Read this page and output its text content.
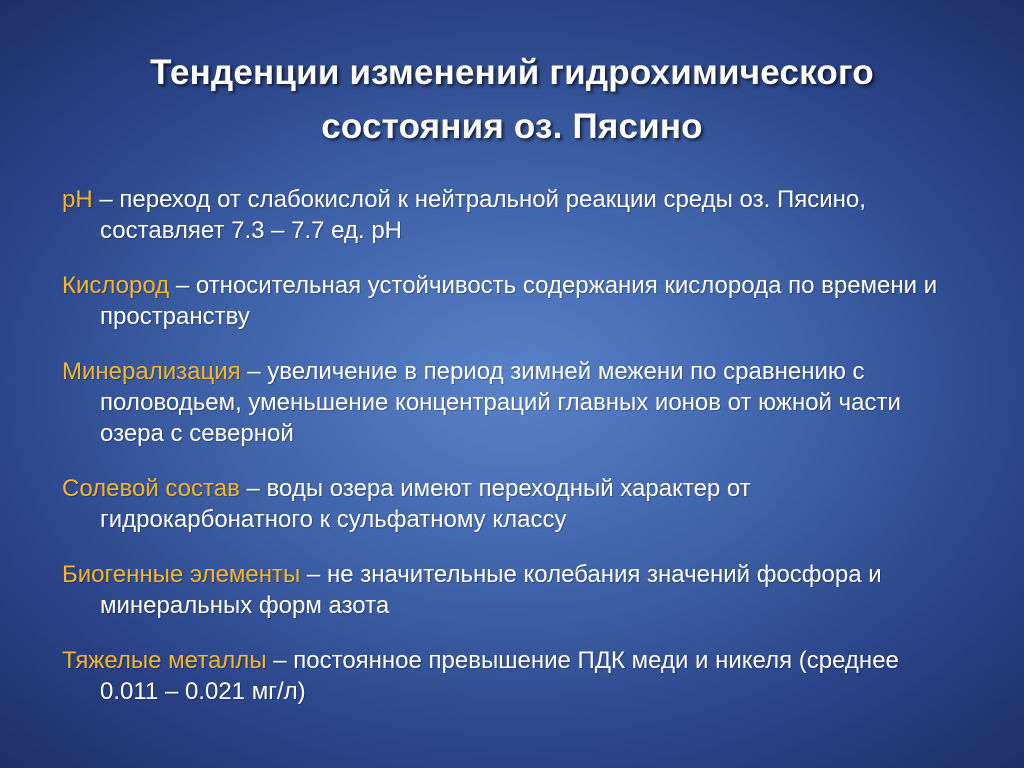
Тенденции изменений гидрохимического
состояния оз. Пясино

pH – переход от слабокислой к нейтральной реакции среды оз. Пясино, составляет 7.3 – 7.7 ед. рН

Кислород – относительная устойчивость содержания кислорода по времени и пространству

Минерализация – увеличение в период зимней межени по сравнению с половодьем, уменьшение концентраций главных ионов от южной части озера с северной

Солевой состав – воды озера имеют переходный характер от гидрокарбонатного к сульфатному классу

Биогенные элементы – не значительные колебания значений фосфора и минеральных форм азота

Тяжелые металлы – постоянное превышение ПДК меди и никеля (среднее 0.011 – 0.021 мг/л)
